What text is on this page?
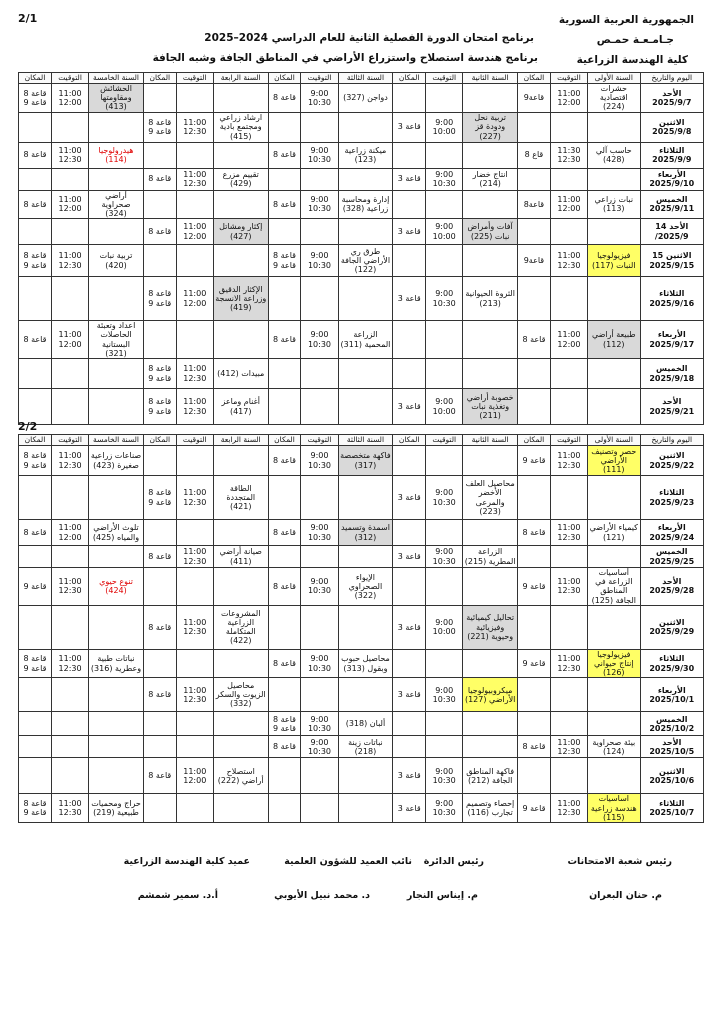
الجمهورية العربية السورية
جـامـعـة حمـص
كلية الهندسة الزراعية
برنامج امتحان الدورة الفصلية الثانية للعام الدراسي 2024–2025
برنامج هندسة استصلاح واستزراع الأراضي في المناطق الجافة وشبه الجافة
2/1
اليوم والتاريخ	السنة الأولى	التوقيت	المكان	السنة الثانية	التوقيت	المكان	السنة الثالثة	التوقيت	المكان	السنة الرابعة	التوقيت	المكان	السنة الخامسة	التوقيت	المكان
الأحد 2025/9/7	حشرات اقتصادية (224)	11:00 12:00	قاعة9				دواجن (327)	9:00 10:30	قاعة 8				الحشائش ومقاومتها (413)	11:00 12:00	قاعة 8 قاعة 9
الاثنين 2025/9/8				تربية نحل ودودة قز (227)	9:00 10:00	قاعة 3				ارشاد زراعي ومجتمع بادية (415)	11:00 12:30	قاعة 8 قاعة 9			
الثلاثاء 2025/9/9	حاسب آلي (428)	11:30 12:30	قاع 8				ميكنة زراعية (123)	9:00 10:30	قاعة 8				هيدرولوجيا (114)	11:00 12:30	قاعة 8
الأربعاء 2025/9/10				انتاج خضار (214)	9:00 10:30	قاعة 3				تقييم مزرع (429)	11:00 12:30	قاعة 8			
الخميس 2025/9/11	نبات زراعي (113)	11:00 12:00	قاعة8				إدارة ومحاسبة زراعية (328)	9:00 10:30	قاعة 8				أراضي صحراوية (324)	11:00 12:00	قاعة 8
الأحد 14 2025/9/				آفات وأمراض نبات (225)	9:00 10:00	قاعة 3				إكثار ومشاتل (427)	11:00 12:00	قاعة 8			
الاثنين 15 2025/9/15	فيزيولوجيا النبات (117)	11:00 12:30	قاعة9				طرق ري الأراضي الجافة (122)	9:00 10:30	قاعة 8 قاعة 9				تربية نبات (420)	11:00 12:30	قاعة 8 قاعة 9
الثلاثاء 2025/9/16				الثروة الحيوانية (213)	9:00 10:30	قاعة 3				الإكثار الدقيق وزراعة الانسجة (419)	11:00 12:00	قاعة 8 قاعة 9			
الأربعاء 2025/9/17	طبيعة أراضي (112)	11:00 12:00	قاعة 8				الزراعة المحمية (311)	9:00 10:30	قاعة 8				اعداد وتعبئة الحاصلات البستانية (321)	11:00 12:00	قاعة 8
الخميس 2025/9/18										مبيدات (412)	11:00 12:30	قاعة 8 قاعة 9			
الأحد 2025/9/21				خصوبة أراضي وتغذية نبات (211)	9:00 10:00	قاعة 3				أغنام وماعز (417)	11:00 12:30	قاعة 8 قاعة 9			
2/2
اليوم والتاريخ	السنة الأولى	التوقيت	المكان	السنة الثانية	التوقيت	المكان	السنة الثالثة	التوقيت	المكان	السنة الرابعة	التوقيت	المكان	السنة الخامسة	التوقيت	المكان
الاثنين 2025/9/22	حصر وتصنيف الأراضي (111)	11:00 12:30	قاعة 9				فاكهة متخصصة (317)	9:00 10:30	قاعة 8				صناعات زراعية صغيرة (423)	11:00 12:30	قاعة 8 قاعة 9
الثلاثاء 2025/9/23				محاصيل العلف الأخضر والمرعى (223)	9:00 10:30	قاعة 3				الطاقة المتجددة (421)	11:00 12:30	قاعة 8 قاعة 9			
الأربعاء 2025/9/24	كيمياء الأراضي (121)	11:00 12:30	قاعة 8				اسمدة وتسميد (312)	9:00 10:30	قاعة 8				تلوث الأراضي والمياه (425)	11:00 12:00	قاعة 8
الخميس 2025/9/25				الزراعة المطرية (215)	9:00 10:30	قاعة 3				صيانة أراضي (411)	11:00 12:30	قاعة 8			
الأحد 2025/9/28	أساسيات الزراعة في المناطق الجافة (125)	11:00 12:30	قاعة 9				الإيواء الصحراوي (322)	9:00 10:30	قاعة 8				تنوع حيوي (424)	11:00 12:30	قاعة 9
الاثنين 2025/9/29				تحاليل كيميائية وفيزيائية وحيوية (221)	9:00 10:00	قاعة 3				المشروعات الزراعية المتكاملة (422)	11:00 12:30	قاعة 8			
الثلاثاء 2025/9/30	فيزيولوجيا إنتاج حيواني (126)	11:00 12:30	قاعة 9				محاصيل حبوب وبقول (313)	9:00 10:30	قاعة 8				نباتات طبية وعطرية (316)	11:00 12:30	قاعة 8 قاعة 9
الأربعاء 2025/10/1				ميكروبيولوجيا الأراضي (127)	9:00 10:30	قاعة 3				محاصيل الزيوت والسكر (332)	11:00 12:30	قاعة 8			
الخميس 2025/10/2							ألبان (318)	9:00 10:30	قاعة 8 قاعة 9						
الأحد 2025/10/5	بيئة صحراوية (124)	11:00 12:30	قاعة 8				نباتات زينة (218)	9:00 10:30	قاعة 8						
الاثنين 2025/10/6				فاكهة المناطق الجافة (212)	9:00 10:30	قاعة 3				استصلاح أراضي (222)	11:00 12:00	قاعة 8			
الثلاثاء 2025/10/7	اساسيات هندسة زراعية (115)	11:00 12:30	قاعة 9	إحصاء وتصميم تجارب (116)	9:00 10:30	قاعة 3							حراج ومحميات طبيعية (219)	11:00 12:30	قاعة 8 قاعة 9
رئيس شعبة الامتحانات
رئيس الدائرة
نائب العميد للشؤون العلمية
عميد كلية الهندسة الزراعية
م. حنان البعران
م. إيناس النجار
د. محمد نبيل الأيوبي
أ.د. سمير شمشم
